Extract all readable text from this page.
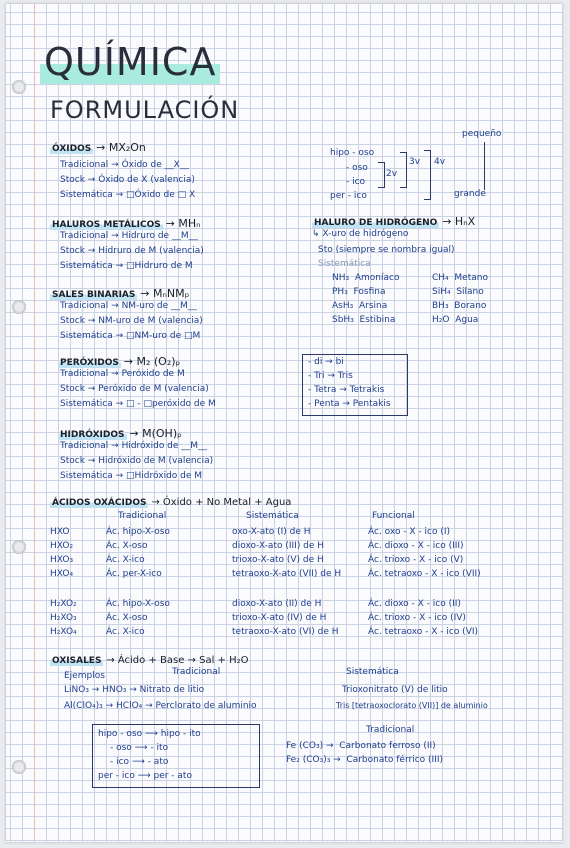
QUÍMICA
FORMULACIÓN
ÓXIDOS → MX₂On
Tradicional → Óxido de __X__
Stock → Óxido de X (valencia)
Sistemática → □Óxido de □ X
hipo - oso
- oso
- ico
per - ico
2v
3v 4v
pequeño
grande
HALUROS METÁLICOS → MHₙ
Tradicional → Hidruro de __M__
Stock → Hidruro de M (valencia)
Sistemática → □Hidruro de M
HALURO DE HIDRÓGENO → HₙX
↳ X-uro de hidrógeno
Sto (siempre se nombra igual)
Sistemática
NH₃ Amoníaco	CH₄ Metano
PH₃ Fosfina	SiH₄ Silano
AsH₃ Arsina	BH₃ Borano
SbH₃ Estibina	H₂O Agua
SALES BINARIAS → MₙNMₚ
Tradicional → NM-uro de __M__
Stock → NM-uro de M (valencia)
Sistemática → □NM-uro de □M
PERÓXIDOS → M₂ (O₂)ₚ
Tradicional → Peróxido de M
Stock → Peróxido de M (valencia)
Sistemática → □ - □peróxido de M
- di → bi
- Tri → Tris
- Tetra → Tetrakis
- Penta → Pentakis
HIDRÓXIDOS → M(OH)ₚ
Tradicional → Hidróxido de __M__
Stock → Hidróxido de M (valencia)
Sistemática → □Hidróxido de M
ÁCIDOS OXÁCIDOS → Óxido + No Metal + Agua
Tradicional	Sistemática	Funcional
OXISALES → Ácido + Base → Sal + H₂O
Ejemplos	Tradicional	Sistemática
LiNO₃ → HNO₃ → Nitrato de litio	Trioxonitrato (V) de litio
Al(ClO₄)₃ → HClO₄ → Perclorato de aluminio	Tris [tetraoxoclorato (VII)] de aluminio
hipo - oso ⟶ hipo - ito
- oso ⟶ - ito
- ico ⟶ - ato
per - ico ⟶ per - ato
Tradicional
Fe (CO₃) →  Carbonato ferroso (II)
Fe₂ (CO₃)₃ →  Carbonato férrico (III)
HXO	Ác. hipo-X-oso	oxo-X-ato (I) de H	Ác. oxo - X - ico (I)
HXO₂	Ác. X-oso	dioxo-X-ato (III) de H	Ác. dioxo - X - ico (III)
HXO₃	Ác. X-ico	trioxo-X-ato (V) de H	Ác. trioxo - X - ico (V)
HXO₄	Ác. per-X-ico	tetraoxo-X-ato (VII) de H	Ác. tetraoxo - X - ico (VII)
H₂XO₂	Ác. hipo-X-oso	dioxo-X-ato (II) de H	Ác. dioxo - X - ico (II)
H₂XO₃	Ác. X-oso	trioxo-X-ato (IV) de H	Ác. trioxo - X - ico (IV)
H₂XO₄	Ác. X-ico	tetraoxo-X-ato (VI) de H	Ác. tetraoxo - X - ico (VI)
